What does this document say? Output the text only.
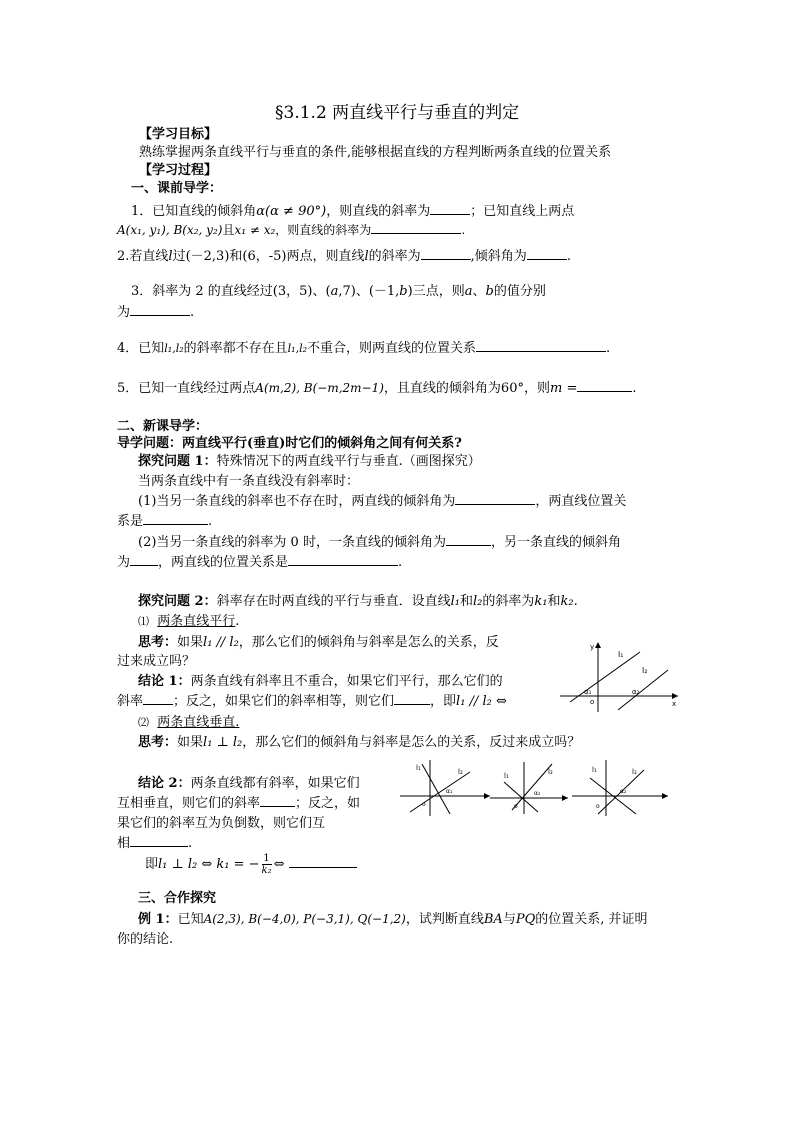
§3.1.2 两直线平行与垂直的判定
【学习目标】
熟练掌握两条直线平行与垂直的条件,能够根据直线的方程判断两条直线的位置关系
【学习过程】
一、课前导学：
1．已知直线的倾斜角α(α ≠ 90°)，则直线的斜率为	；已知直线上两点
A(x₁, y₁), B(x₂, y₂)且x₁ ≠ x₂，则直线的斜率为	.
2.若直线l过(－2,3)和(6，-5)两点，则直线l的斜率为	,倾斜角为	.
3．斜率为 2 的直线经过(3，5)、(a,7)、(－1,b)三点，则a、b的值分别
为	.
4．已知l₁,l₂的斜率都不存在且l₁,l₂不重合，则两直线的位置关系	.
5．已知一直线经过两点A(m,2), B(−m,2m−1)，且直线的倾斜角为60°，则m =	.
二、新课导学：
导学问题：两直线平行(垂直)时它们的倾斜角之间有何关系?
探究问题 1：特殊情况下的两直线平行与垂直.（画图探究）
当两条直线中有一条直线没有斜率时：
(1)当另一条直线的斜率也不存在时，两直线的倾斜角为	，两直线位置关
系是	.
(2)当另一条直线的斜率为 0 时，一条直线的倾斜角为	，另一条直线的倾斜角
为 ，两直线的位置关系是	.
探究问题 2：斜率存在时两直线的平行与垂直．设直线l₁和l₂的斜率为k₁和k₂.
⑴ 两条直线平行.
思考：如果l₁ // l₂，那么它们的倾斜角与斜率是怎么的关系，反
过来成立吗？
结论 1：两条直线有斜率且不重合，如果它们平行，那么它们的
斜率 ；反之，如果它们的斜率相等，则它们	，即l₁ // l₂ ⇔
l₁
l₂
y
x
o
α₁	α₂
⑵ 两条直线垂直.
思考：如果l₁ ⊥ l₂，那么它们的倾斜角与斜率是怎么的关系，反过来成立吗？
结论 2：两条直线都有斜率，如果它们
互相垂直，则它们的斜率	；反之，如
果它们的斜率互为负倒数，则它们互
相	.
l₁	l₂
α₁
o
l₁	l₂
α₂
o
l₂
l₁
α₂
o
即l₁ ⊥ l₂ ⇔ k₁ = − $\frac{1}{\text{k₂}}$ ⇔
三、合作探究
例 1：已知A(2,3), B(−4,0), P(−3,1), Q(−1,2)，试判断直线BA与PQ的位置关系, 并证明
你的结论.
